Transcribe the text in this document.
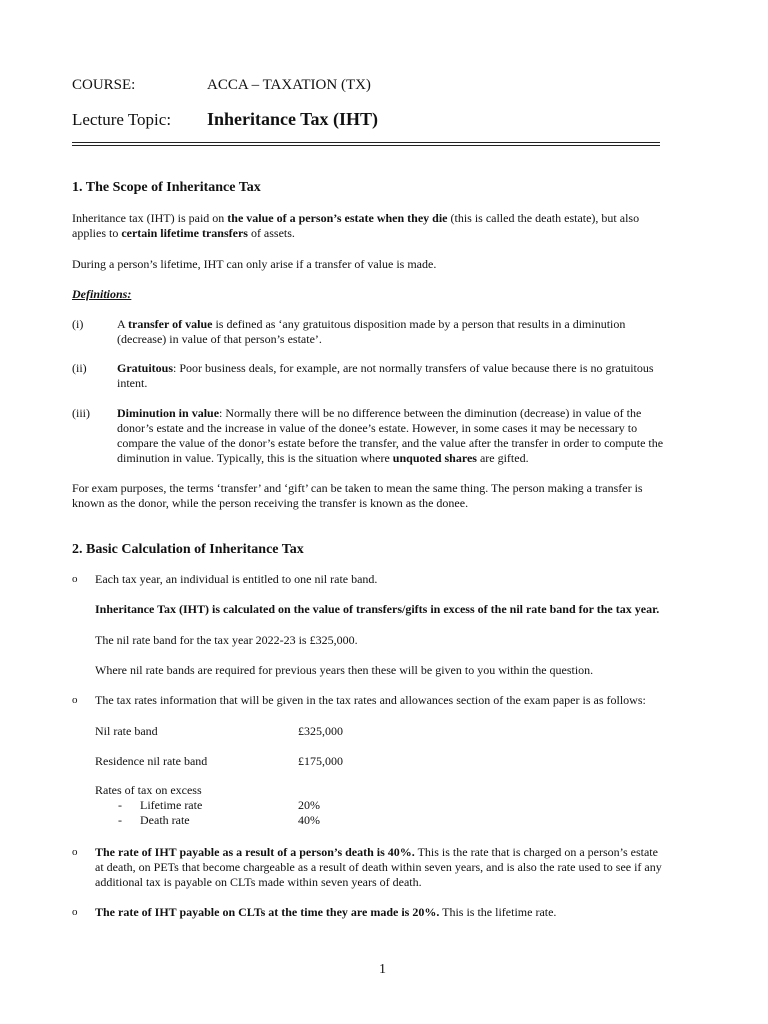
COURSE:	ACCA – TAXATION (TX)
Lecture Topic: Inheritance Tax (IHT)
1. The Scope of Inheritance Tax
Inheritance tax (IHT) is paid on the value of a person’s estate when they die (this is called the death estate), but also
applies to certain lifetime transfers of assets.
During a person’s lifetime, IHT can only arise if a transfer of value is made.
Definitions:
(i)	A transfer of value is defined as ‘any gratuitous disposition made by a person that results in a diminution
(decrease) in value of that person’s estate’.
(ii)	Gratuitous: Poor business deals, for example, are not normally transfers of value because there is no gratuitous
intent.
(iii) Diminution in value: Normally there will be no difference between the diminution (decrease) in value of the
donor’s estate and the increase in value of the donee’s estate. However, in some cases it may be necessary to
compare the value of the donor’s estate before the transfer, and the value after the transfer in order to compute the
diminution in value. Typically, this is the situation where unquoted shares are gifted.
For exam purposes, the terms ‘transfer’ and ‘gift’ can be taken to mean the same thing. The person making a transfer is
known as the donor, while the person receiving the transfer is known as the donee.
2. Basic Calculation of Inheritance Tax
o Each tax year, an individual is entitled to one nil rate band.
Inheritance Tax (IHT) is calculated on the value of transfers/gifts in excess of the nil rate band for the tax year.
The nil rate band for the tax year 2022-23 is £325,000.
Where nil rate bands are required for previous years then these will be given to you within the question.
o The tax rates information that will be given in the tax rates and allowances section of the exam paper is as follows:
Nil rate band	£325,000
Residence nil rate band	£175,000
Rates of tax on excess
- Lifetime rate	20%
- Death rate	40%
o The rate of IHT payable as a result of a person’s death is 40%. This is the rate that is charged on a person’s estate
at death, on PETs that become chargeable as a result of death within seven years, and is also the rate used to see if any
additional tax is payable on CLTs made within seven years of death.
o The rate of IHT payable on CLTs at the time they are made is 20%. This is the lifetime rate.
1
